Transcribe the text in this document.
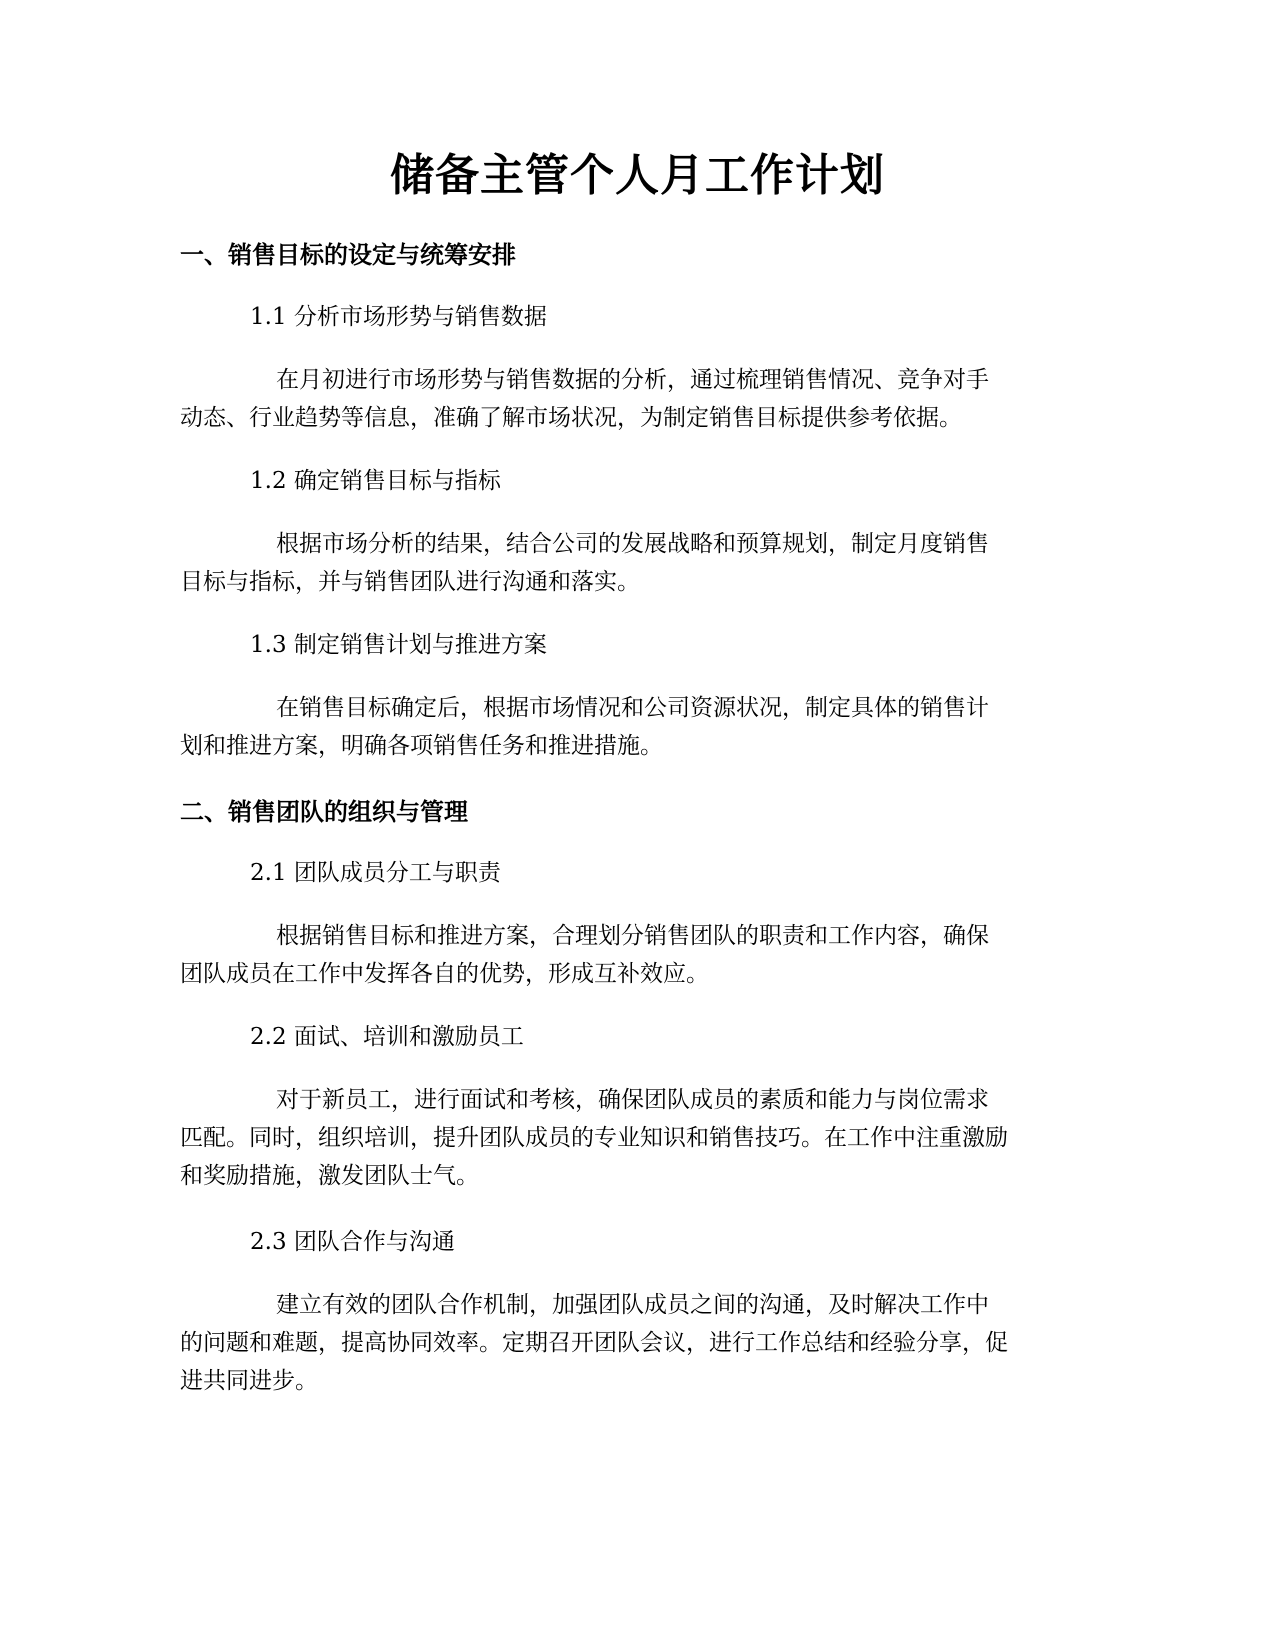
储备主管个人月工作计划
一、销售目标的设定与统筹安排
1.1 分析市场形势与销售数据
在月初进行市场形势与销售数据的分析，通过梳理销售情况、竞争对手
动态、行业趋势等信息，准确了解市场状况，为制定销售目标提供参考依据。
1.2 确定销售目标与指标
根据市场分析的结果，结合公司的发展战略和预算规划，制定月度销售
目标与指标，并与销售团队进行沟通和落实。
1.3 制定销售计划与推进方案
在销售目标确定后，根据市场情况和公司资源状况，制定具体的销售计
划和推进方案，明确各项销售任务和推进措施。
二、销售团队的组织与管理
2.1 团队成员分工与职责
根据销售目标和推进方案，合理划分销售团队的职责和工作内容，确保
团队成员在工作中发挥各自的优势，形成互补效应。
2.2 面试、培训和激励员工
对于新员工，进行面试和考核，确保团队成员的素质和能力与岗位需求
匹配。同时，组织培训，提升团队成员的专业知识和销售技巧。在工作中注重激励
和奖励措施，激发团队士气。
2.3 团队合作与沟通
建立有效的团队合作机制，加强团队成员之间的沟通，及时解决工作中
的问题和难题，提高协同效率。定期召开团队会议，进行工作总结和经验分享，促
进共同进步。
